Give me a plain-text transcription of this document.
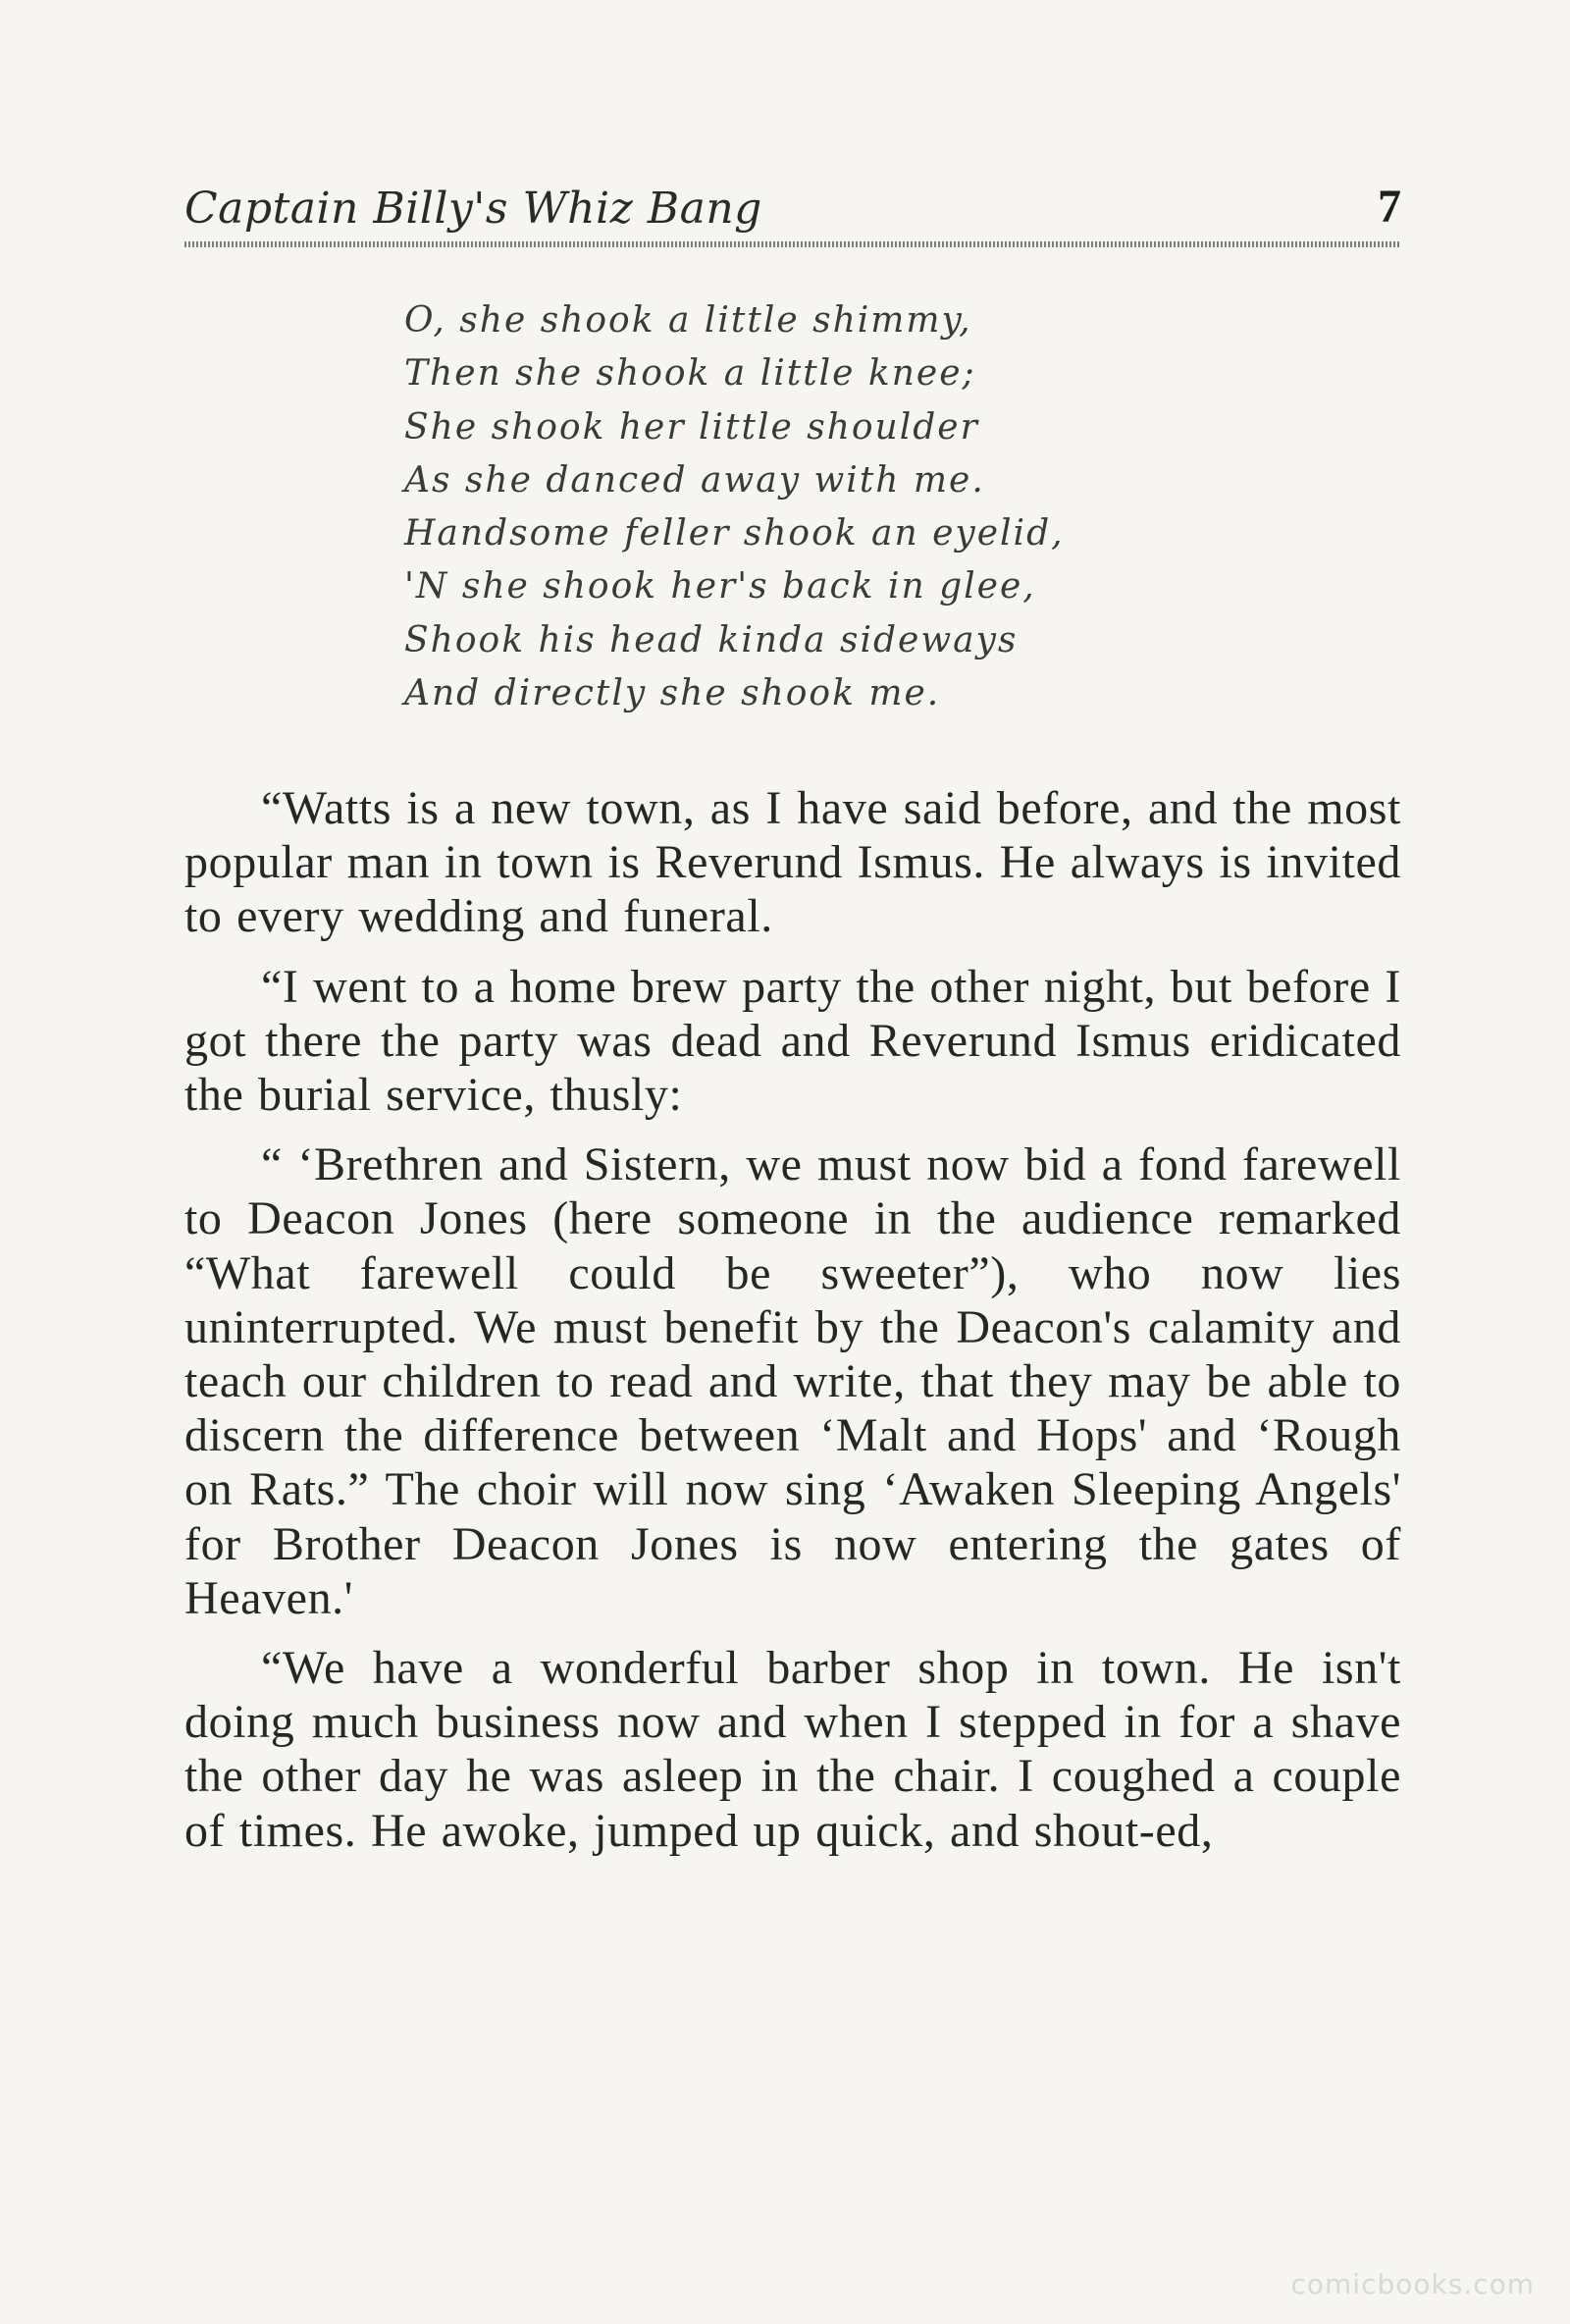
Captain Billy's Whiz Bang	7
O, she shook a little shimmy,
Then she shook a little knee;
She shook her little shoulder
As she danced away with me.
Handsome feller shook an eyelid,
'N she shook her's back in glee,
Shook his head kinda sideways
And directly she shook me.

“Watts is a new town, as I have said before, and the most popular man in town is Reverund Ismus. He always is invited to every wedding and funeral.

“I went to a home brew party the other night, but before I got there the party was dead and Reverund Ismus eridicated the burial service, thusly:

“ ‘Brethren and Sistern, we must now bid a fond farewell to Deacon Jones (here someone in the audience remarked “What farewell could be sweeter”), who now lies uninterrupted. We must benefit by the Deacon's calamity and teach our children to read and write, that they may be able to discern the difference between ‘Malt and Hops' and ‘Rough on Rats.” The choir will now sing ‘Awaken Sleeping Angels' for Brother Deacon Jones is now entering the gates of Heaven.'

“We have a wonderful barber shop in town. He isn't doing much business now and when I stepped in for a shave the other day he was asleep in the chair. I coughed a couple of times. He awoke, jumped up quick, and shout-ed,

comicbooks.com
